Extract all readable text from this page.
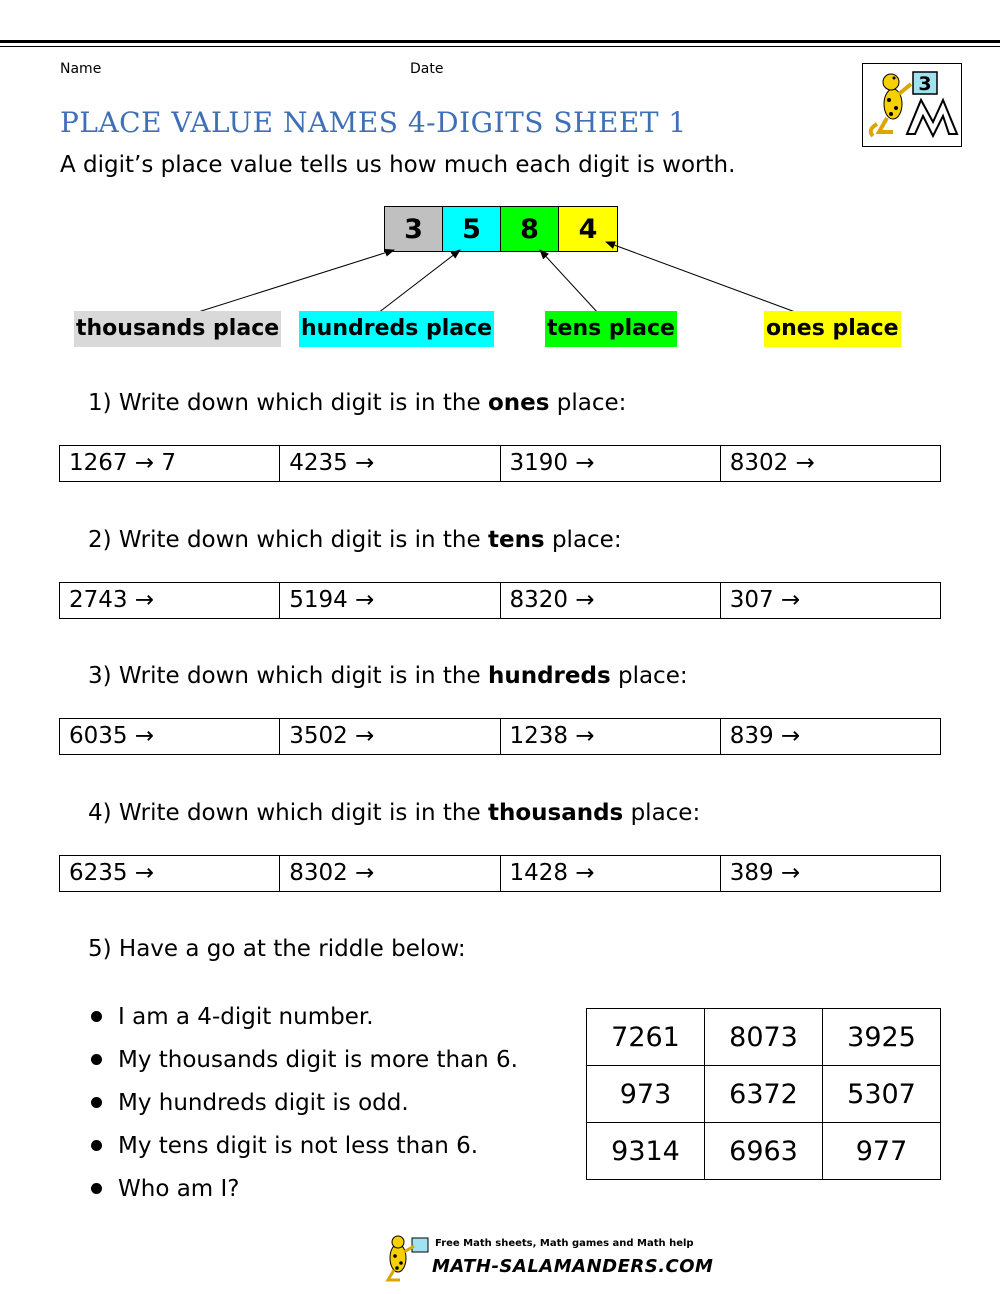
Name	Date
3
PLACE VALUE NAMES 4-DIGITS SHEET 1
A digit’s place value tells us how much each digit is worth.
3	5	8	4
thousands place hundreds place tens place	ones place
1) Write down which digit is in the ones place:
1267 → 7	4235 →	3190 →	8302 →
2) Write down which digit is in the tens place:
2743 →	5194 →	8320 →	307 →
3) Write down which digit is in the hundreds place:
6035 →	3502 →	1238 →	839 →
4) Write down which digit is in the thousands place:
6235 →	8302 →	1428 →	389 →
5) Have a go at the riddle below:
I am a 4-digit number.
My thousands digit is more than 6.
My hundreds digit is odd.
My tens digit is not less than 6.
Who am I?
7261	8073	3925
973	6372	5307
9314	6963	977
Free Math sheets, Math games and Math help
MATH-SALAMANDERS.COM
